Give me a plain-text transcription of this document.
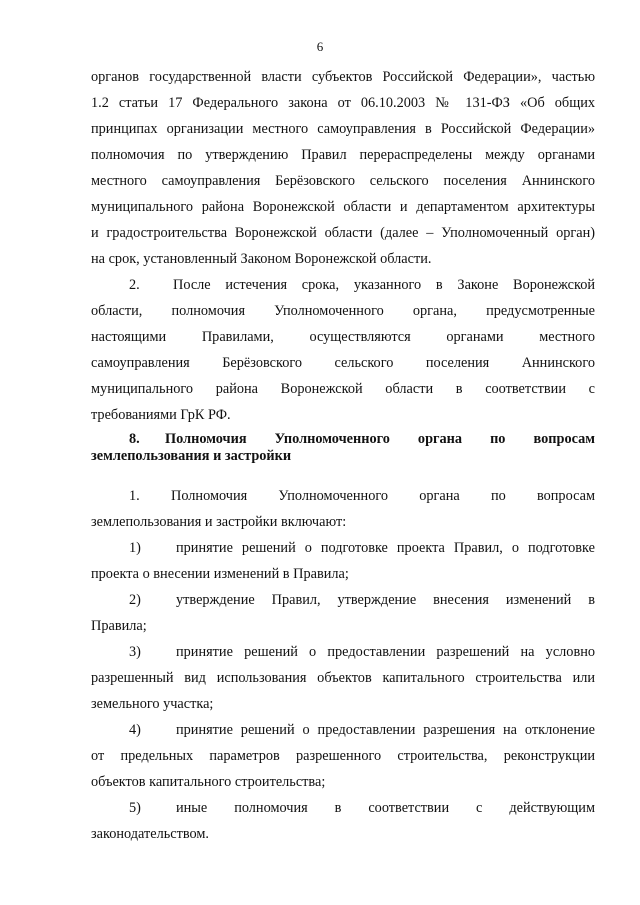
6
органов государственной власти субъектов Российской Федерации», частью
1.2 статьи 17 Федерального закона от 06.10.2003 № 131-ФЗ «Об общих
принципах организации местного самоуправления в Российской Федерации»
полномочия по утверждению Правил перераспределены между органами
местного самоуправления Берёзовского сельского поселения Аннинского
муниципального района Воронежской области и департаментом архитектуры
и градостроительства Воронежской области (далее – Уполномоченный орган)
на срок, установленный Законом Воронежской области.
2.	После истечения срока, указанного в Законе Воронежской
области, полномочия Уполномоченного органа, предусмотренные
настоящими Правилами, осуществляются органами местного
самоуправления Берёзовского сельского поселения Аннинского
муниципального района Воронежской области в соответствии с
требованиями ГрК РФ.
8.	Полномочия Уполномоченного органа по вопросам
землепользования и застройки
1.	Полномочия Уполномоченного органа по вопросам
землепользования и застройки включают:
1)	принятие решений о подготовке проекта Правил, о подготовке
проекта о внесении изменений в Правила;
2)	утверждение Правил, утверждение внесения изменений в
Правила;
3)	принятие решений о предоставлении разрешений на условно
разрешенный вид использования объектов капитального строительства или
земельного участка;
4)	принятие решений о предоставлении разрешения на отклонение
от предельных параметров разрешенного строительства, реконструкции
объектов капитального строительства;
5)	иные полномочия в соответствии с действующим
законодательством.
